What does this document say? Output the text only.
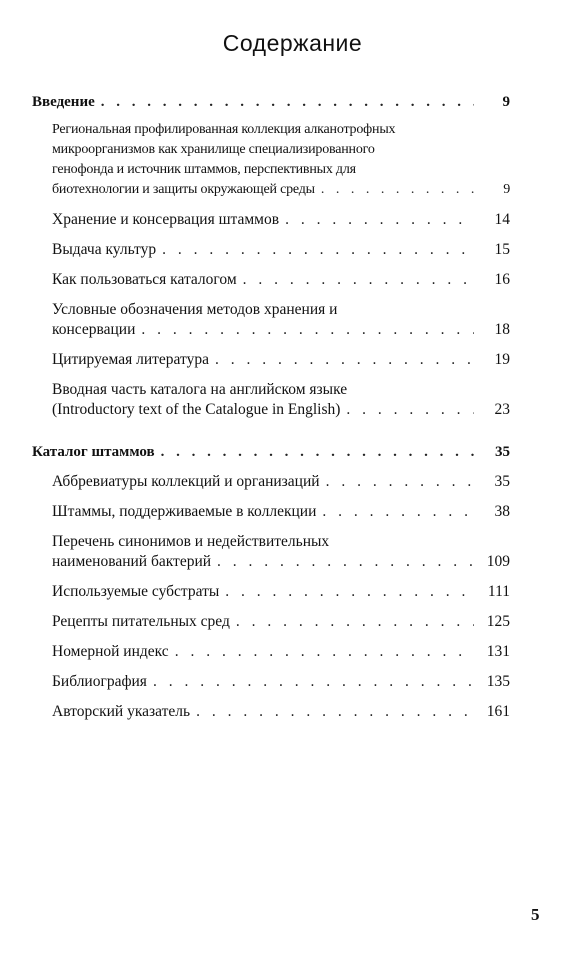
Содержание
Введение . . .	9
Региональная профилированная коллекция алканотрофных
микроорганизмов как хранилище специализированного
генофонда и источник штаммов, перспективных для
биотехнологии и защиты окружающей среды . . .	9
Хранение и консервация штаммов . . .	14
Выдача культур . . .	15
Как пользоваться каталогом . . .	16
Условные обозначения методов хранения и
консервации . . .	18
Цитируемая литература . . .	19
Вводная часть каталога на английском языке
(Introductory text of the Catalogue in English) . . .	23
Каталог штаммов . . .	35
Аббревиатуры коллекций и организаций . . .	35
Штаммы, поддерживаемые в коллекции . . .	38
Перечень синонимов и недействительных
наименований бактерий . . .	109
Используемые субстраты . . .	111
Рецепты питательных сред . . .	125
Номерной индекс . . .	131
Библиография . . .	135
Авторский указатель . . .	161
5
